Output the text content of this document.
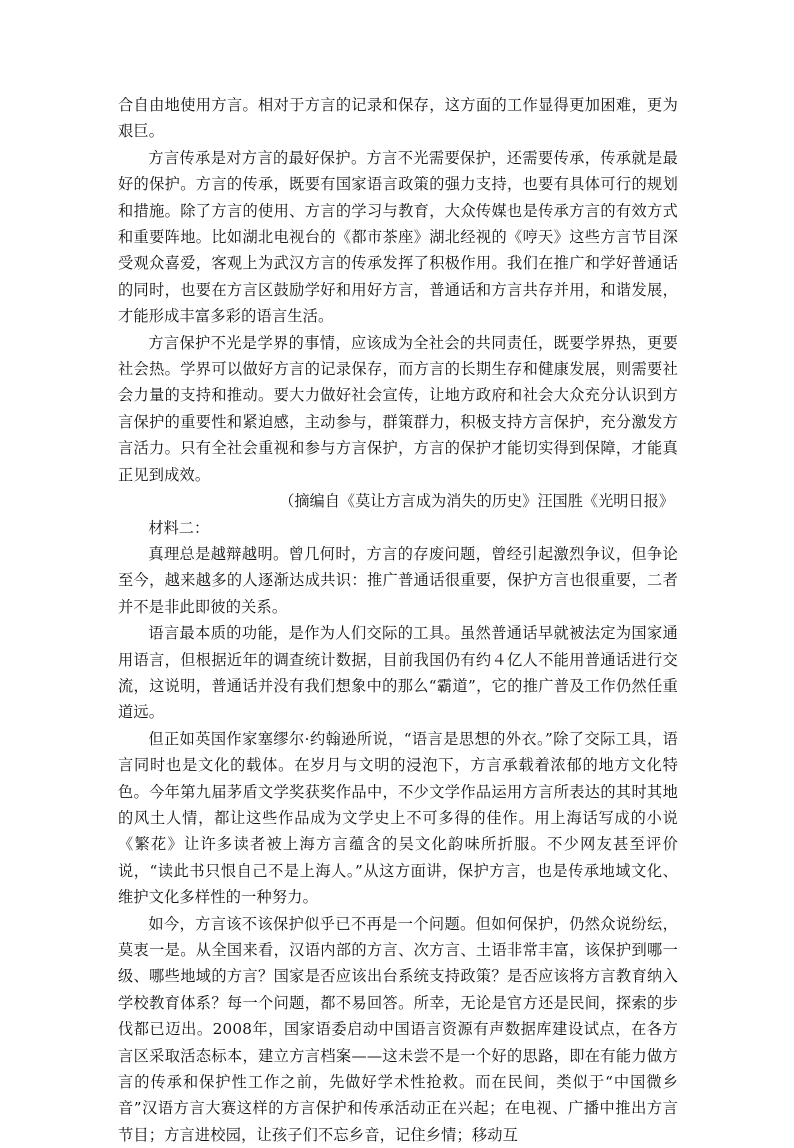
合自由地使用方言。相对于方言的记录和保存，这方面的工作显得更加困难，更为艰巨。

方言传承是对方言的最好保护。方言不光需要保护，还需要传承，传承就是最好的保护。方言的传承，既要有国家语言政策的强力支持，也要有具体可行的规划和措施。除了方言的使用、方言的学习与教育，大众传媒也是传承方言的有效方式和重要阵地。比如湖北电视台的《都市茶座》湖北经视的《哼天》这些方言节目深受观众喜爱，客观上为武汉方言的传承发挥了积极作用。我们在推广和学好普通话的同时，也要在方言区鼓励学好和用好方言，普通话和方言共存并用，和谐发展，才能形成丰富多彩的语言生活。

方言保护不光是学界的事情，应该成为全社会的共同责任，既要学界热，更要社会热。学界可以做好方言的记录保存，而方言的长期生存和健康发展，则需要社会力量的支持和推动。要大力做好社会宣传，让地方政府和社会大众充分认识到方言保护的重要性和紧迫感，主动参与，群策群力，积极支持方言保护，充分激发方言活力。只有全社会重视和参与方言保护，方言的保护才能切实得到保障，才能真正见到成效。

（摘编自《莫让方言成为消失的历史》汪国胜《光明日报》

材料二：

真理总是越辩越明。曾几何时，方言的存废问题，曾经引起激烈争议，但争论至今，越来越多的人逐渐达成共识：推广普通话很重要，保护方言也很重要，二者并不是非此即彼的关系。

语言最本质的功能，是作为人们交际的工具。虽然普通话早就被法定为国家通用语言，但根据近年的调查统计数据，目前我国仍有约４亿人不能用普通话进行交流，这说明，普通话并没有我们想象中的那么“霸道”，它的推广普及工作仍然任重道远。

但正如英国作家塞缪尔·约翰逊所说，“语言是思想的外衣。”除了交际工具，语言同时也是文化的载体。在岁月与文明的浸泡下，方言承载着浓郁的地方文化特色。今年第九届茅盾文学奖获奖作品中，不少文学作品运用方言所表达的其时其地的风土人情，都让这些作品成为文学史上不可多得的佳作。用上海话写成的小说《繁花》让许多读者被上海方言蕴含的吴文化韵味所折服。不少网友甚至评价说，“读此书只恨自己不是上海人。”从这方面讲，保护方言，也是传承地域文化、维护文化多样性的一种努力。

如今，方言该不该保护似乎已不再是一个问题。但如何保护，仍然众说纷纭，莫衷一是。从全国来看，汉语内部的方言、次方言、土语非常丰富，该保护到哪一级、哪些地域的方言？国家是否应该出台系统支持政策？是否应该将方言教育纳入学校教育体系？每一个问题，都不易回答。所幸，无论是官方还是民间，探索的步伐都已迈出。2008年，国家语委启动中国语言资源有声数据库建设试点，在各方言区采取活态标本，建立方言档案——这未尝不是一个好的思路，即在有能力做方言的传承和保护性工作之前，先做好学术性抢救。而在民间，类似于“中国微乡音”汉语方言大赛这样的方言保护和传承活动正在兴起；在电视、广播中推出方言节目；方言进校园，让孩子们不忘乡音，记住乡情；移动互
